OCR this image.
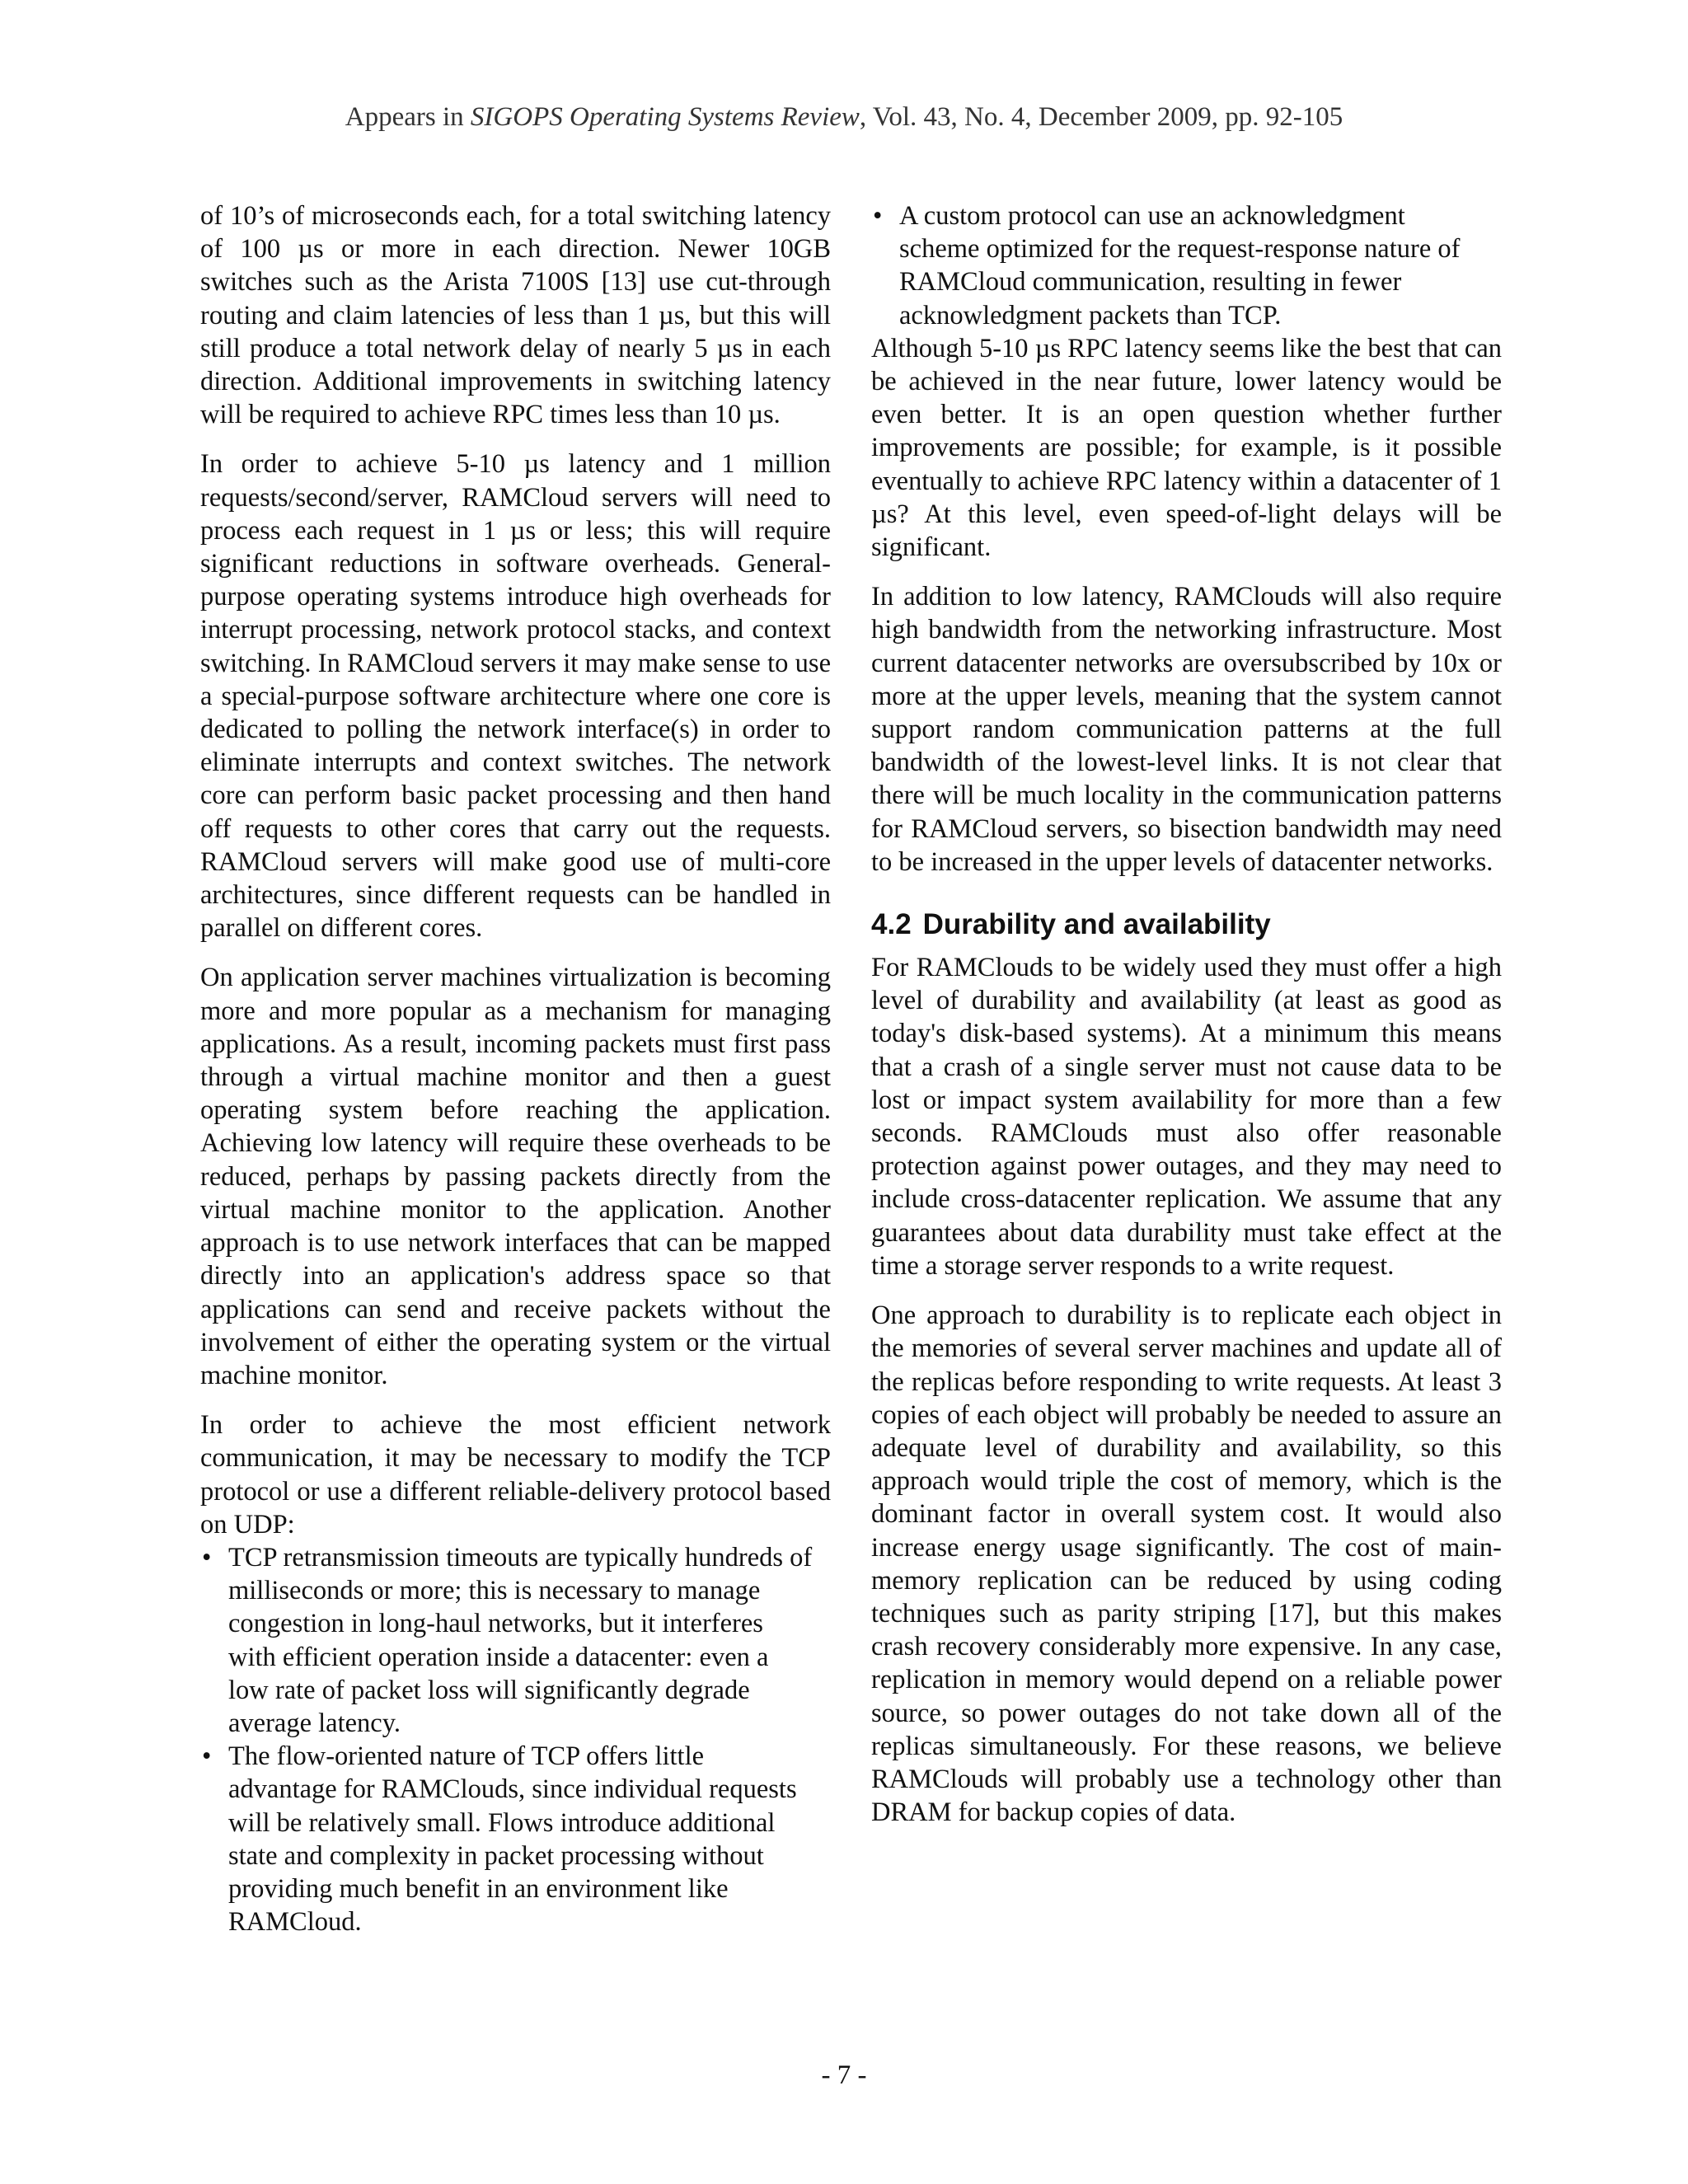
Appears in SIGOPS Operating Systems Review, Vol. 43, No. 4, December 2009, pp. 92-105

of 10’s of microseconds each, for a total switching latency of 100 µs or more in each direction. Newer 10GB switches such as the Arista 7100S [13] use cut-through routing and claim latencies of less than 1 µs, but this will still produce a total network delay of nearly 5 µs in each direction. Additional improvements in switching latency will be required to achieve RPC times less than 10 µs.

In order to achieve 5-10 µs latency and 1 million requests/second/server, RAMCloud servers will need to process each request in 1 µs or less; this will require significant reductions in software overheads. General-purpose operating systems introduce high overheads for interrupt processing, network protocol stacks, and context switching. In RAMCloud servers it may make sense to use a special-purpose software architecture where one core is dedicated to polling the network interface(s) in order to eliminate interrupts and context switches. The network core can perform basic packet processing and then hand off requests to other cores that carry out the requests. RAMCloud servers will make good use of multi-core architectures, since different requests can be handled in parallel on different cores.

On application server machines virtualization is becoming more and more popular as a mechanism for managing applications. As a result, incoming packets must first pass through a virtual machine monitor and then a guest operating system before reaching the application. Achieving low latency will require these overheads to be reduced, perhaps by passing packets directly from the virtual machine monitor to the application. Another approach is to use network interfaces that can be mapped directly into an application's address space so that applications can send and receive packets without the involvement of either the operating system or the virtual machine monitor.

In order to achieve the most efficient network communication, it may be necessary to modify the TCP protocol or use a different reliable-delivery protocol based on UDP:

• TCP retransmission timeouts are typically hundreds of milliseconds or more; this is necessary to manage congestion in long-haul networks, but it interferes with efficient operation inside a datacenter: even a low rate of packet loss will significantly degrade average latency.
• The flow-oriented nature of TCP offers little advantage for RAMClouds, since individual requests will be relatively small. Flows introduce additional state and complexity in packet processing without providing much benefit in an environment like RAMCloud.
• A custom protocol can use an acknowledgment scheme optimized for the request-response nature of RAMCloud communication, resulting in fewer acknowledgment packets than TCP.

Although 5-10 µs RPC latency seems like the best that can be achieved in the near future, lower latency would be even better. It is an open question whether further improvements are possible; for example, is it possible eventually to achieve RPC latency within a datacenter of 1 µs? At this level, even speed-of-light delays will be significant.

In addition to low latency, RAMClouds will also require high bandwidth from the networking infrastructure. Most current datacenter networks are oversubscribed by 10x or more at the upper levels, meaning that the system cannot support random communication patterns at the full bandwidth of the lowest-level links. It is not clear that there will be much locality in the communication patterns for RAMCloud servers, so bisection bandwidth may need to be increased in the upper levels of datacenter networks.

4.2 Durability and availability

For RAMClouds to be widely used they must offer a high level of durability and availability (at least as good as today's disk-based systems). At a minimum this means that a crash of a single server must not cause data to be lost or impact system availability for more than a few seconds. RAMClouds must also offer reasonable protection against power outages, and they may need to include cross-datacenter replication. We assume that any guarantees about data durability must take effect at the time a storage server responds to a write request.

One approach to durability is to replicate each object in the memories of several server machines and update all of the replicas before responding to write requests. At least 3 copies of each object will probably be needed to assure an adequate level of durability and availability, so this approach would triple the cost of memory, which is the dominant factor in overall system cost. It would also increase energy usage significantly. The cost of main-memory replication can be reduced by using coding techniques such as parity striping [17], but this makes crash recovery considerably more expensive. In any case, replication in memory would depend on a reliable power source, so power outages do not take down all of the replicas simultaneously. For these reasons, we believe RAMClouds will probably use a technology other than DRAM for backup copies of data.

- 7 -
